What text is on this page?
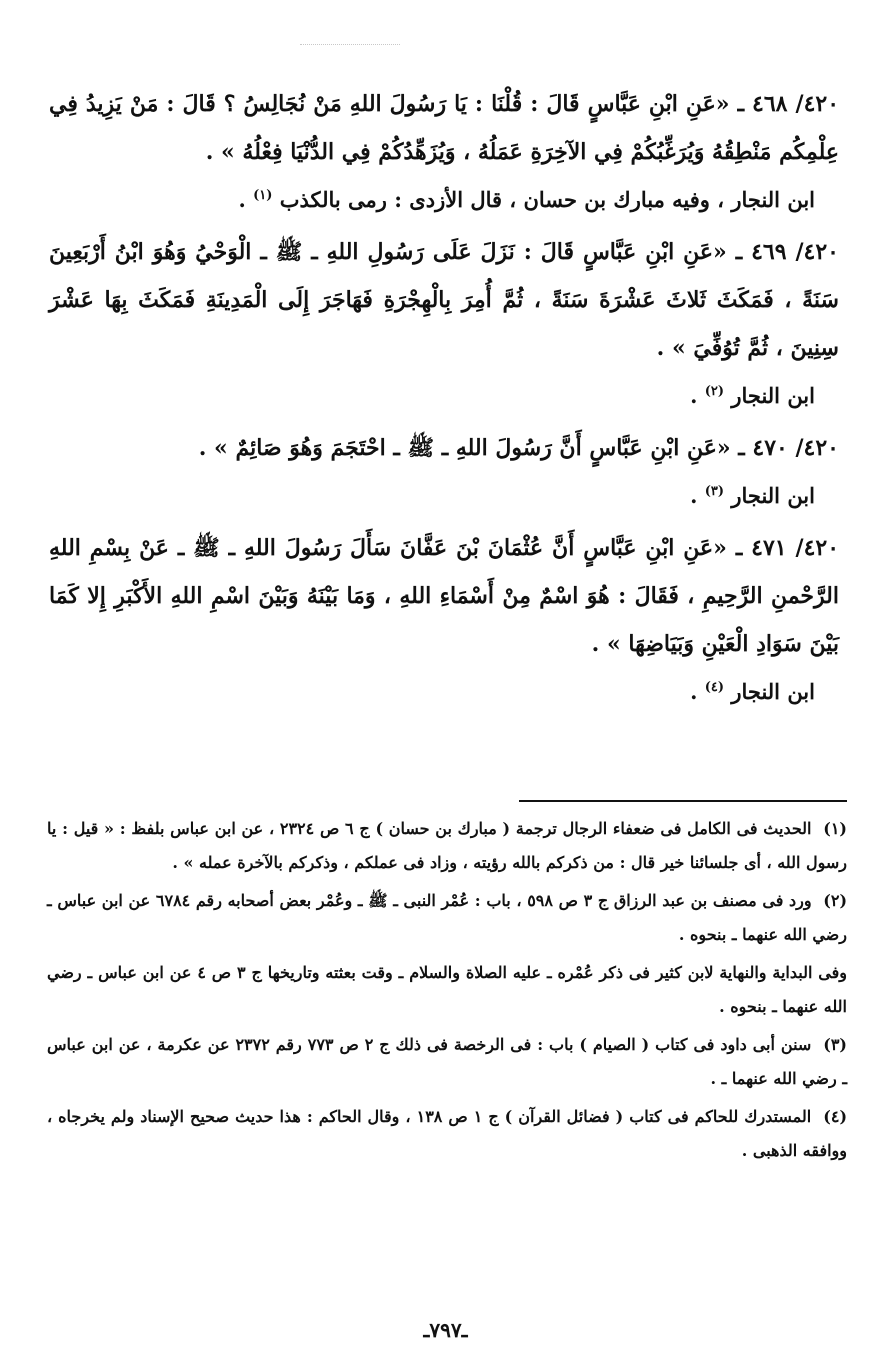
٤٢٠/ ٤٦٨ ـ «عَنِ ابْنِ عَبَّاسٍ قَالَ : قُلْنَا : يَا رَسُولَ اللهِ مَنْ نُجَالِسُ ؟ قَالَ : مَنْ يَزِيدُ فِي عِلْمِكُم مَنْطِقُهُ وَيُرَغِّبُكُمْ فِي الآخِرَةِ عَمَلُهُ ، وَيُزَهِّدُكُمْ فِي الدُّنْيَا فِعْلُهُ » .

ابن النجار ، وفيه مبارك بن حسان ، قال الأزدى : رمى بالكذب $^{(١)}$ .

٤٢٠/ ٤٦٩ ـ «عَنِ ابْنِ عَبَّاسٍ قَالَ : نَزَلَ عَلَى رَسُولِ اللهِ ـ ﷺ ـ الْوَحْيُ وَهُوَ ابْنُ أَرْبَعِينَ سَنَةً ، فَمَكَثَ ثَلاثَ عَشْرَةَ سَنَةً ، ثُمَّ أُمِرَ بِالْهِجْرَةِ فَهَاجَرَ إِلَى الْمَدِينَةِ فَمَكَثَ بِهَا عَشْرَ سِنِينَ ، ثُمَّ تُوُفِّيَ » .

ابن النجار $^{(٢)}$ .

٤٢٠/ ٤٧٠ ـ «عَنِ ابْنِ عَبَّاسٍ أَنَّ رَسُولَ اللهِ ـ ﷺ ـ احْتَجَمَ وَهُوَ صَائِمٌ » .

ابن النجار $^{(٣)}$ .

٤٢٠/ ٤٧١ ـ «عَنِ ابْنِ عَبَّاسٍ أَنَّ عُثْمَانَ بْنَ عَفَّانَ سَأَلَ رَسُولَ اللهِ ـ ﷺ ـ عَنْ بِسْمِ اللهِ الرَّحْمنِ الرَّحِيمِ ، فَقَالَ : هُوَ اسْمٌ مِنْ أَسْمَاءِ اللهِ ، وَمَا بَيْنَهُ وَبَيْنَ اسْمِ اللهِ الأَكْبَرِ إِلا كَمَا بَيْنَ سَوَادِ الْعَيْنِ وَبَيَاضِهَا » .

ابن النجار $^{(٤)}$ .

(١) الحديث فى الكامل فى ضعفاء الرجال ترجمة ( مبارك بن حسان ) ج ٦ ص ٢٣٢٤ ، عن ابن عباس بلفظ : « قيل : يا رسول الله ، أى جلسائنا خير قال : من ذكركم بالله رؤيته ، وزاد فى عملكم ، وذكركم بالآخرة عمله » .

(٢) ورد فى مصنف بن عبد الرزاق ج ٣ ص ٥٩٨ ، باب : عُمْر النبى ـ ﷺ ـ وعُمْر بعض أصحابه رقم ٦٧٨٤ عن ابن عباس ـ رضي الله عنهما ـ بنحوه .

وفى البداية والنهاية لابن كثير فى ذكر عُمْره ـ عليه الصلاة والسلام ـ وقت بعثته وتاريخها ج ٣ ص ٤ عن ابن عباس ـ رضي الله عنهما ـ بنحوه .

(٣) سنن أبى داود فى كتاب ( الصيام ) باب : فى الرخصة فى ذلك ج ٢ ص ٧٧٣ رقم ٢٣٧٢ عن عكرمة ، عن ابن عباس ـ رضي الله عنهما ـ .

(٤) المستدرك للحاكم فى كتاب ( فضائل القرآن ) ج ١ ص ١٣٨ ، وقال الحاكم : هذا حديث صحيح الإسناد ولم يخرجاه ، ووافقه الذهبى .

ـ٧٩٧ـ
